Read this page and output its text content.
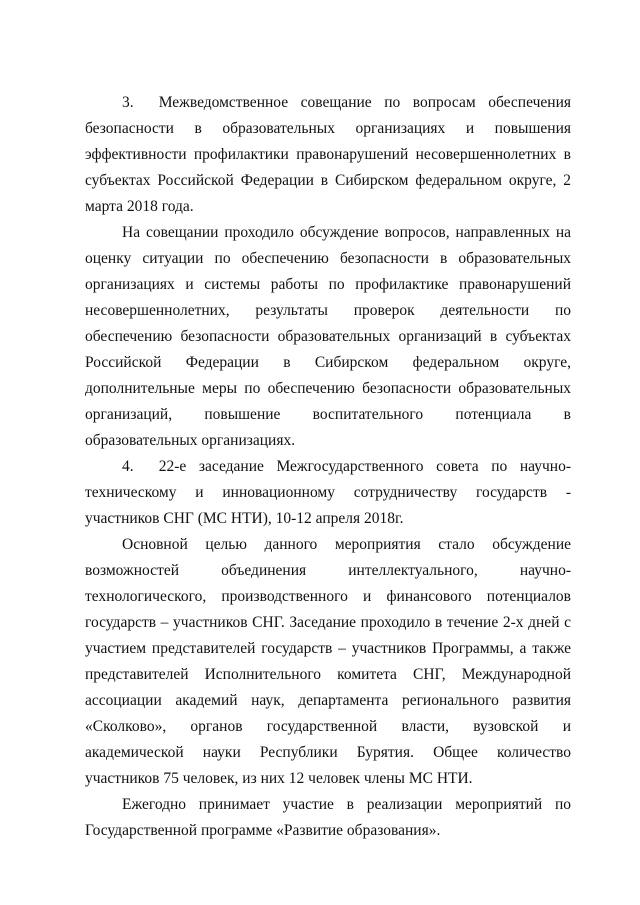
3.  Межведомственное совещание по вопросам обеспечения безопасности в образовательных организациях и повышения эффективности профилактики правонарушений несовершеннолетних в субъектах Российской Федерации в Сибирском федеральном округе, 2 марта 2018 года.

На совещании проходило обсуждение вопросов, направленных на оценку ситуации по обеспечению безопасности в образовательных организациях и системы работы по профилактике правонарушений несовершеннолетних, результаты проверок деятельности по обеспечению безопасности образовательных организаций в субъектах Российской Федерации в Сибирском федеральном округе, дополнительные меры по обеспечению безопасности образовательных организаций, повышение воспитательного потенциала в образовательных организациях.

4.  22-е заседание Межгосударственного совета по научно-техническому и инновационному сотрудничеству государств - участников СНГ (МС НТИ), 10-12 апреля 2018г.

Основной целью данного мероприятия стало обсуждение возможностей объединения интеллектуального, научно-технологического, производственного и финансового потенциалов государств – участников СНГ. Заседание проходило в течение 2-х дней с участием представителей государств – участников Программы, а также представителей Исполнительного комитета СНГ, Международной ассоциации академий наук, департамента регионального развития «Сколково», органов государственной власти, вузовской и академической науки Республики Бурятия. Общее количество участников 75 человек, из них 12 человек члены МС НТИ.

Ежегодно принимает участие в реализации мероприятий по Государственной программе «Развитие образования».
